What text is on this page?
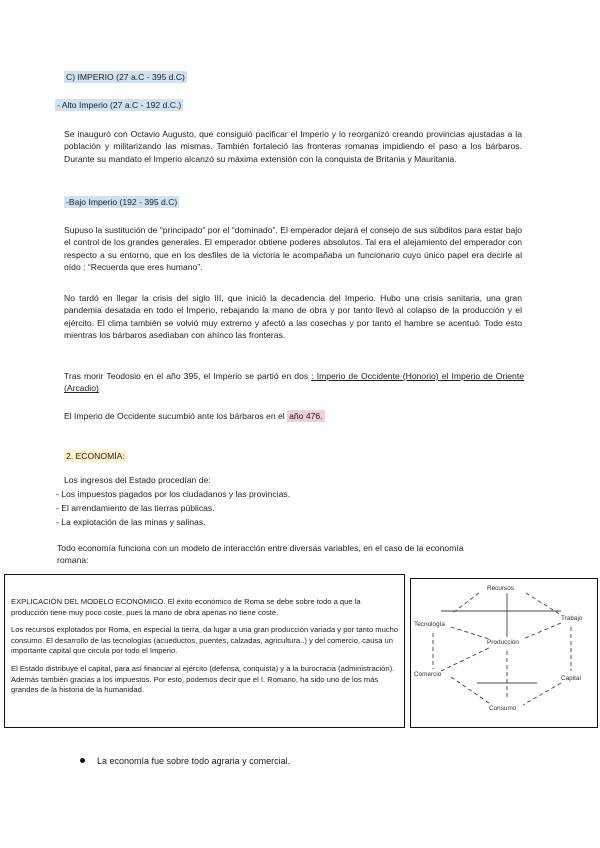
C) IMPERIO (27 a.C - 395 d.C)
- Alto Imperio (27 a.C - 192 d.C.)
Se inauguró con Octavio Augusto, que consiguió pacificar el Imperio y lo reorganizó creando provincias ajustadas a la población y militarizando las mismas. También fortaleció las fronteras romanas impidiendo el paso a los bárbaros. Durante su mandato el Imperio alcanzó su máxima extensión con la conquista de Britania y Mauritania.
-Bajo Imperio (192 - 395 d.C)
Supuso la sustitución de “principado” por el “dominado”. El emperador dejará el consejo de sus súbditos para estar bajo el control de los grandes generales. El emperador obtiene poderes absolutos. Tal era el alejamiento del emperador con respecto a su entorno, que en los desfiles de la victoria le acompañaba un funcionario cuyo único papel era decirle al oído : “Recuerda que eres humano”.
No tardó en llegar la crisis del siglo III, que inició la decadencia del Imperio. Hubo una crisis sanitaria, una gran pandemia desatada en todo el Imperio, rebajando la mano de obra y por tanto llevó al colapso de la producción y el ejército. El clima también se volvió muy extremo y afectó a las cosechas y por tanto el hambre se acentuó. Todo esto mientras los bárbaros asediaban con ahínco las fronteras.
Tras morir Teodosio en el año 395, el Imperio se partió en dos : Imperio de Occidente (Honorio) el Imperio de Oriente (Arcadio)
El Imperio de Occidente sucumbió ante los bárbaros en el año 476.
2. ECONOMÍA:
Los ingresos del Estado procedían de:
- Los impuestos pagados por los ciudadanos y las provincias.
- El arrendamiento de las tierras públicas.
- La explotación de las minas y salinas.
Todo economía funciona con un modelo de interacción entre diversas variables, en el caso de la economía romana:

EXPLICACIÓN DEL MODELO ECONÓMICO. El éxito económico de Roma se debe sobre todo a que la producción tiene muy poco coste, pues la mano de obra apenas no tiene coste.

Los recursos explotados por Roma, en especial la tierra, da lugar a una gran producción variada y por tanto mucho consumo. El desarrollo de las tecnologías (acueductos, puentes, calzadas, agricultura..) y del comercio, causa un importante capital que circula por todo el Imperio.

El Estado distribuye el capital, para así financiar al ejército (defensa, conquista) y a la burocracia (administración). Además también gracias a los impuestos. Por esto, podemos decir que el I. Romano, ha sido uno de los más grandes de la historia de la humanidad.

Recursos
Tecnología
Trabajo
Producción
Comercio
Capital
Consumo
La economía fue sobre todo agraria y comercial.
